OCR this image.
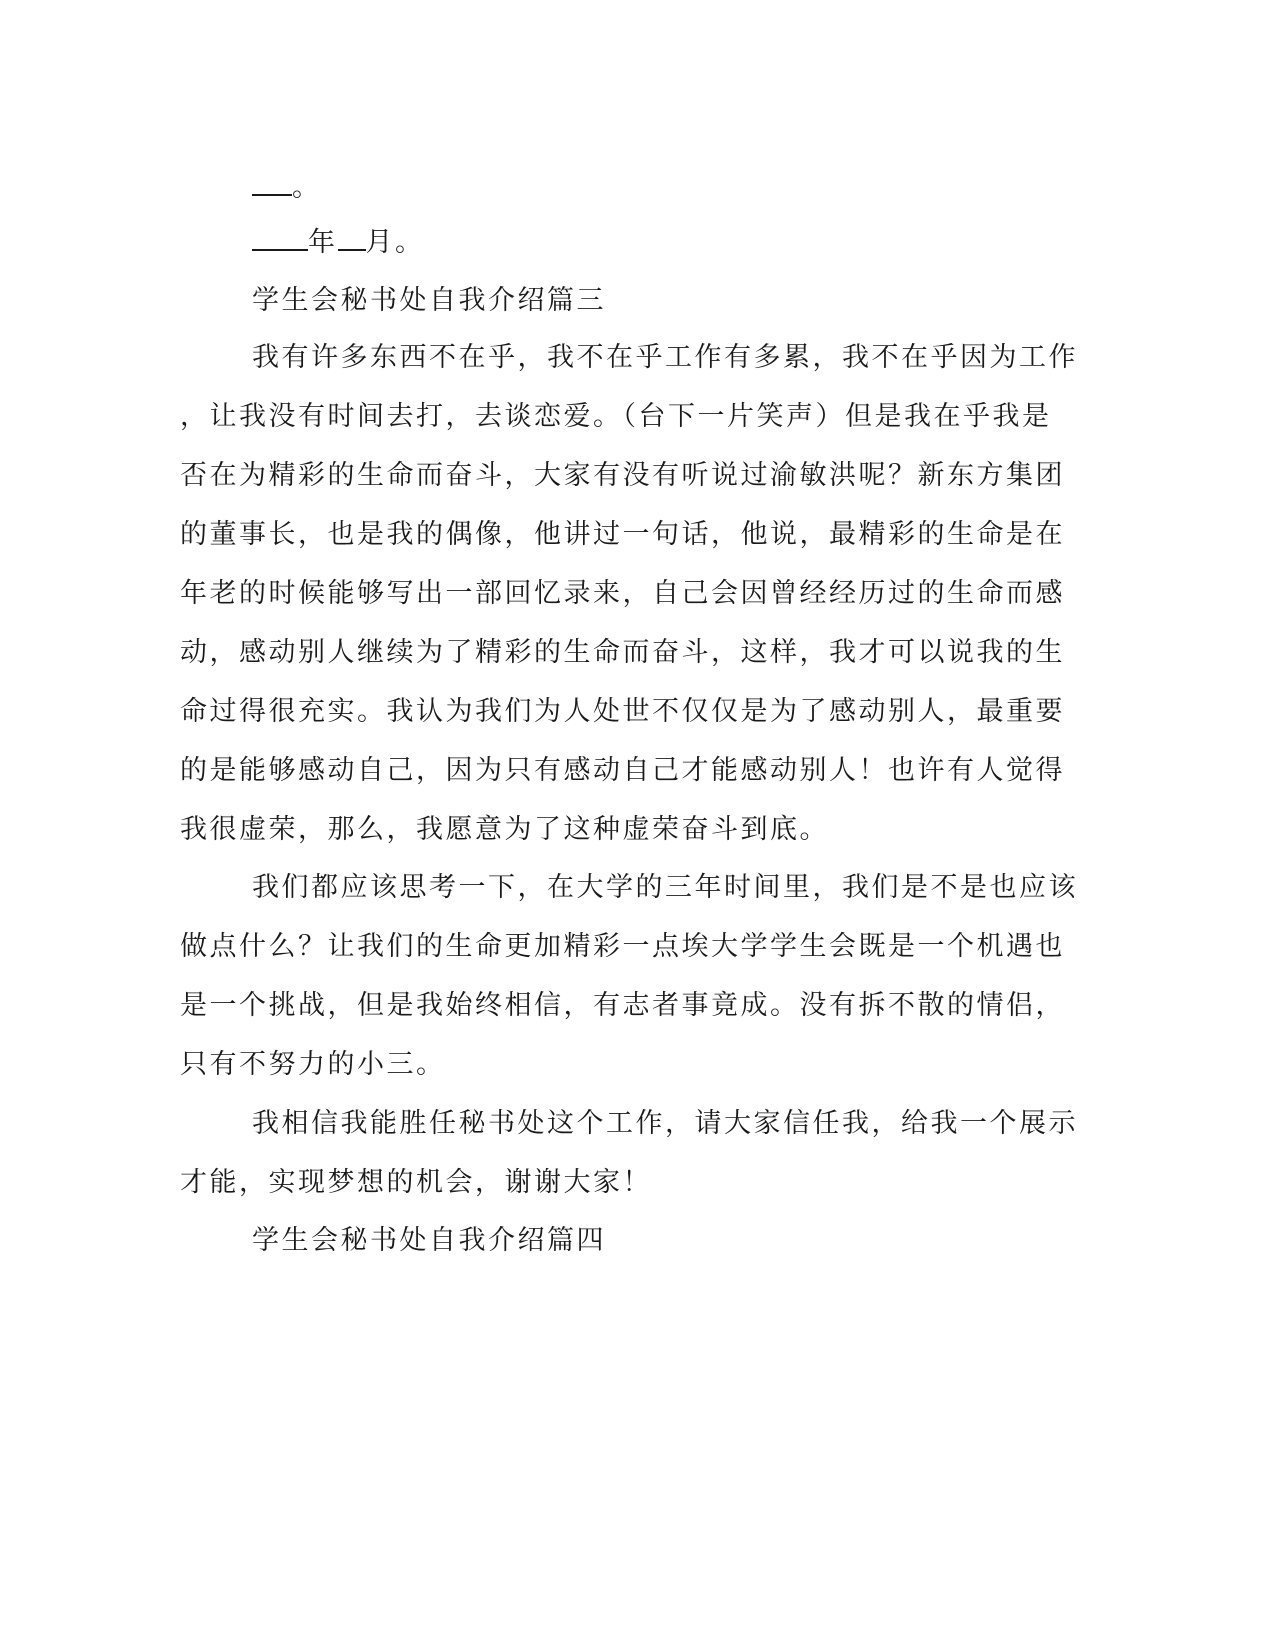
。
年 月。
学生会秘书处自我介绍篇三
我有许多东西不在乎，我不在乎工作有多累，我不在乎因为工作
，让我没有时间去打，去谈恋爱。（台下一片笑声）但是我在乎我是
否在为精彩的生命而奋斗，大家有没有听说过渝敏洪呢？新东方集团
的董事长，也是我的偶像，他讲过一句话，他说，最精彩的生命是在
年老的时候能够写出一部回忆录来，自己会因曾经经历过的生命而感
动，感动别人继续为了精彩的生命而奋斗，这样，我才可以说我的生
命过得很充实。我认为我们为人处世不仅仅是为了感动别人，最重要
的是能够感动自己，因为只有感动自己才能感动别人！也许有人觉得
我很虚荣，那么，我愿意为了这种虚荣奋斗到底。
我们都应该思考一下，在大学的三年时间里，我们是不是也应该
做点什么？让我们的生命更加精彩一点埃大学学生会既是一个机遇也
是一个挑战，但是我始终相信，有志者事竟成。没有拆不散的情侣，
只有不努力的小三。
我相信我能胜任秘书处这个工作，请大家信任我，给我一个展示
才能，实现梦想的机会，谢谢大家！
学生会秘书处自我介绍篇四
